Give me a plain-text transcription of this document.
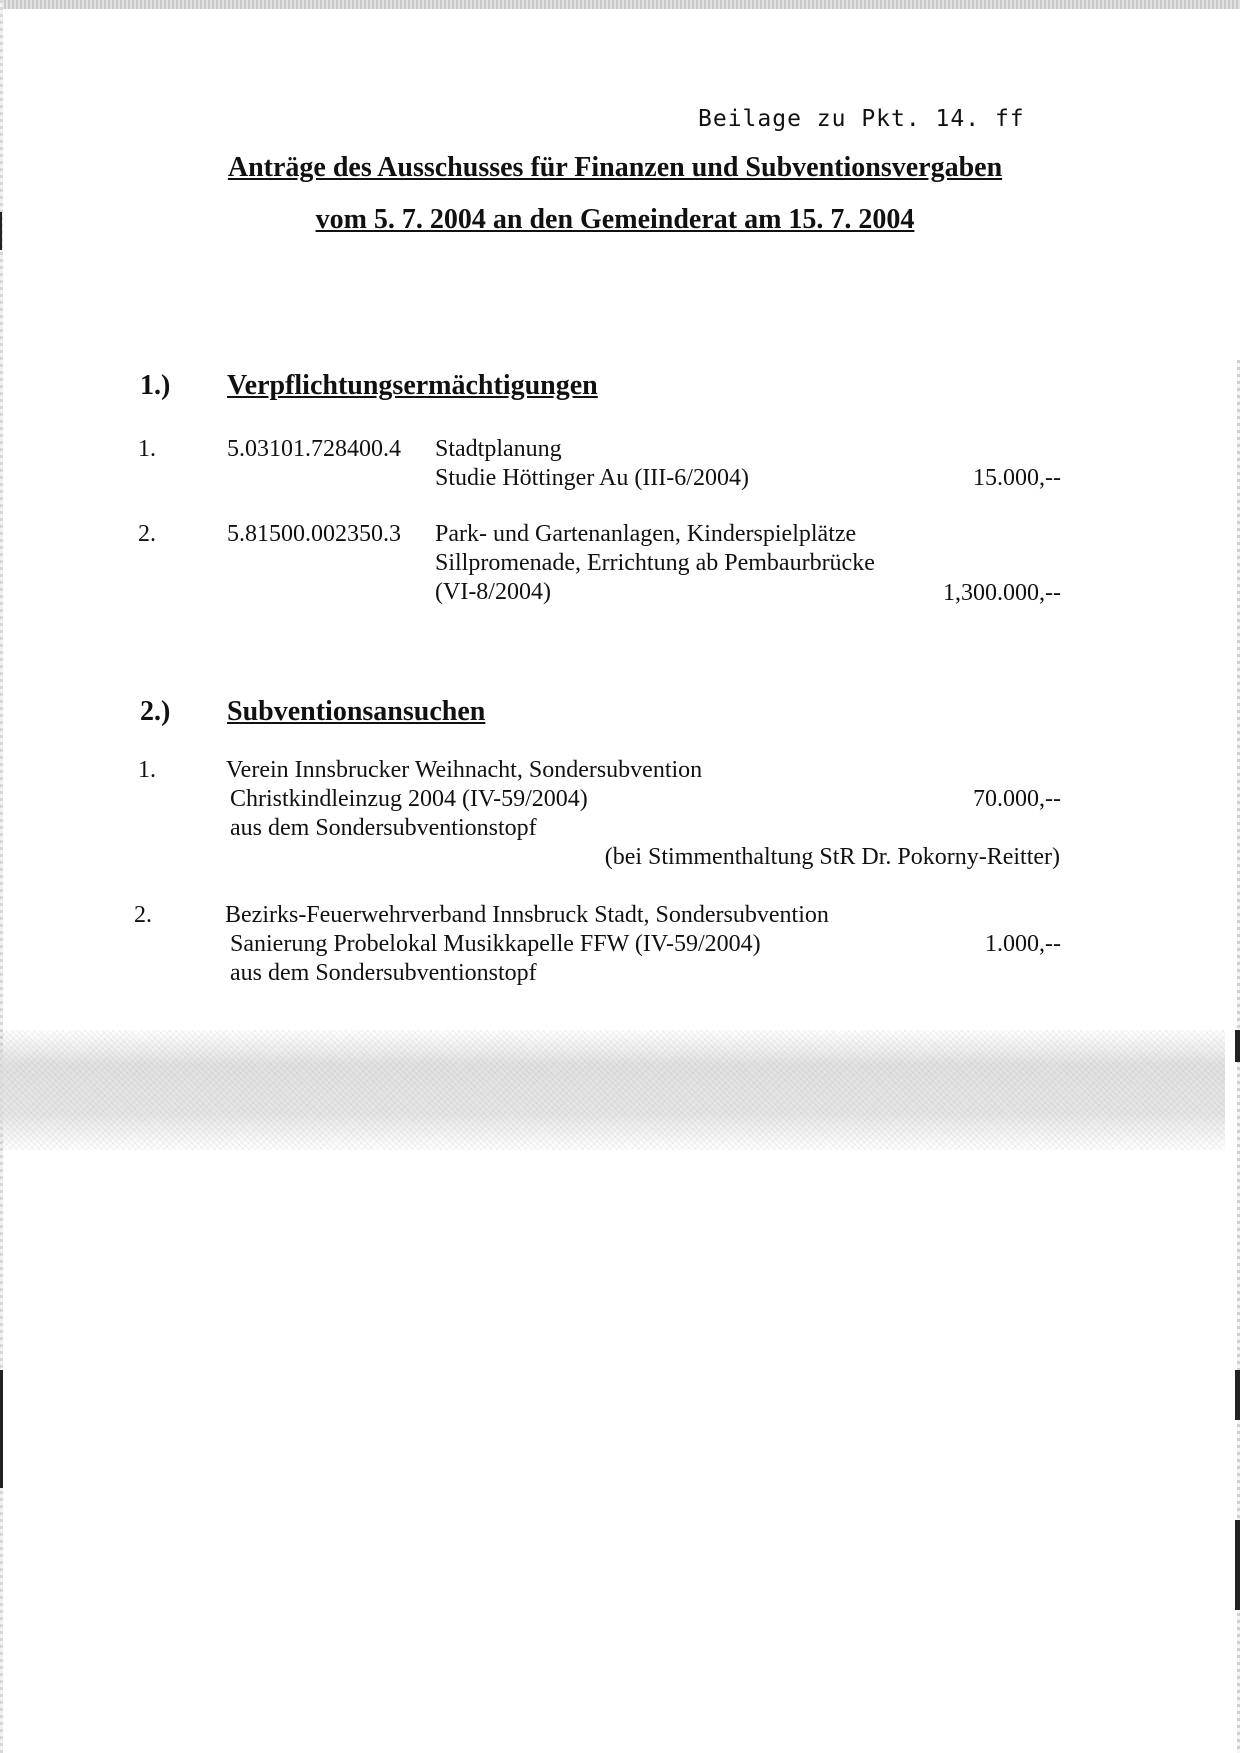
Beilage zu Pkt. 14. ff
Anträge des Ausschusses für Finanzen und Subventionsvergaben
vom 5. 7. 2004 an den Gemeinderat am 15. 7. 2004
1.) Verpflichtungsermächtigungen
1.	5.03101.728400.4 Stadtplanung
Studie Höttinger Au (III-6/2004)	15.000,--
2.	5.81500.002350.3 Park- und Gartenanlagen, Kinderspielplätze
Sillpromenade, Errichtung ab Pembaurbrücke
(VI-8/2004)	1,300.000,--
2.) Subventionsansuchen
1.	Verein Innsbrucker Weihnacht, Sondersubvention
Christkindleinzug 2004 (IV-59/2004)	70.000,--
aus dem Sondersubventionstopf
(bei Stimmenthaltung StR Dr. Pokorny-Reitter)
2.	Bezirks-Feuerwehrverband Innsbruck Stadt, Sondersubvention
Sanierung Probelokal Musikkapelle FFW (IV-59/2004)	1.000,--
aus dem Sondersubventionstopf
